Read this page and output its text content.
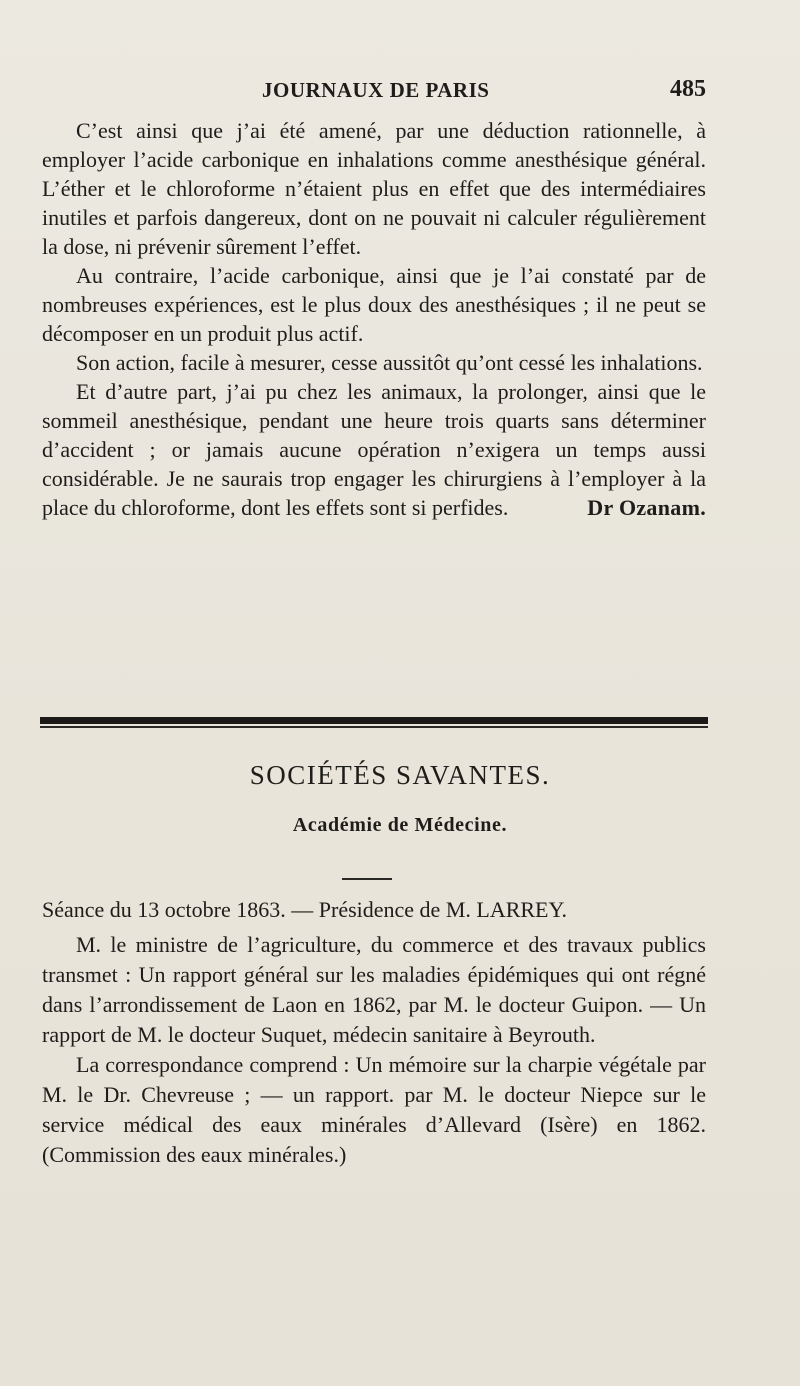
JOURNAUX DE PARIS	485

C’est ainsi que j’ai été amené, par une déduction rationnelle, à employer l’acide carbonique en inhalations comme anesthésique général. L’éther et le chloroforme n’étaient plus en effet que des intermédiaires inutiles et parfois dangereux, dont on ne pouvait ni calculer régulièrement la dose, ni prévenir sûrement l’effet.

Au contraire, l’acide carbonique, ainsi que je l’ai constaté par de nombreuses expériences, est le plus doux des anesthésiques ; il ne peut se décomposer en un produit plus actif.

Son action, facile à mesurer, cesse aussitôt qu’ont cessé les inhalations.

Et d’autre part, j’ai pu chez les animaux, la prolonger, ainsi que le sommeil anesthésique, pendant une heure trois quarts sans déterminer d’accident ; or jamais aucune opération n’exigera un temps aussi considérable. Je ne saurais trop engager les chirurgiens à l’employer à la place du chloroforme, dont les effets sont si perfides.	Dr Ozanam.
SOCIÉTÉS SAVANTES.
Académie de Médecine.
Séance du 13 octobre 1863. — Présidence de M. LARREY.

M. le ministre de l’agriculture, du commerce et des travaux publics transmet : Un rapport général sur les maladies épidémiques qui ont régné dans l’arrondissement de Laon en 1862, par M. le docteur Guipon. — Un rapport de M. le docteur Suquet, médecin sanitaire à Beyrouth.

La correspondance comprend : Un mémoire sur la charpie végétale par M. le Dr. Chevreuse ; — un rapport. par M. le docteur Niepce sur le service médical des eaux minérales d’Allevard (Isère) en 1862. (Commission des eaux minérales.)
